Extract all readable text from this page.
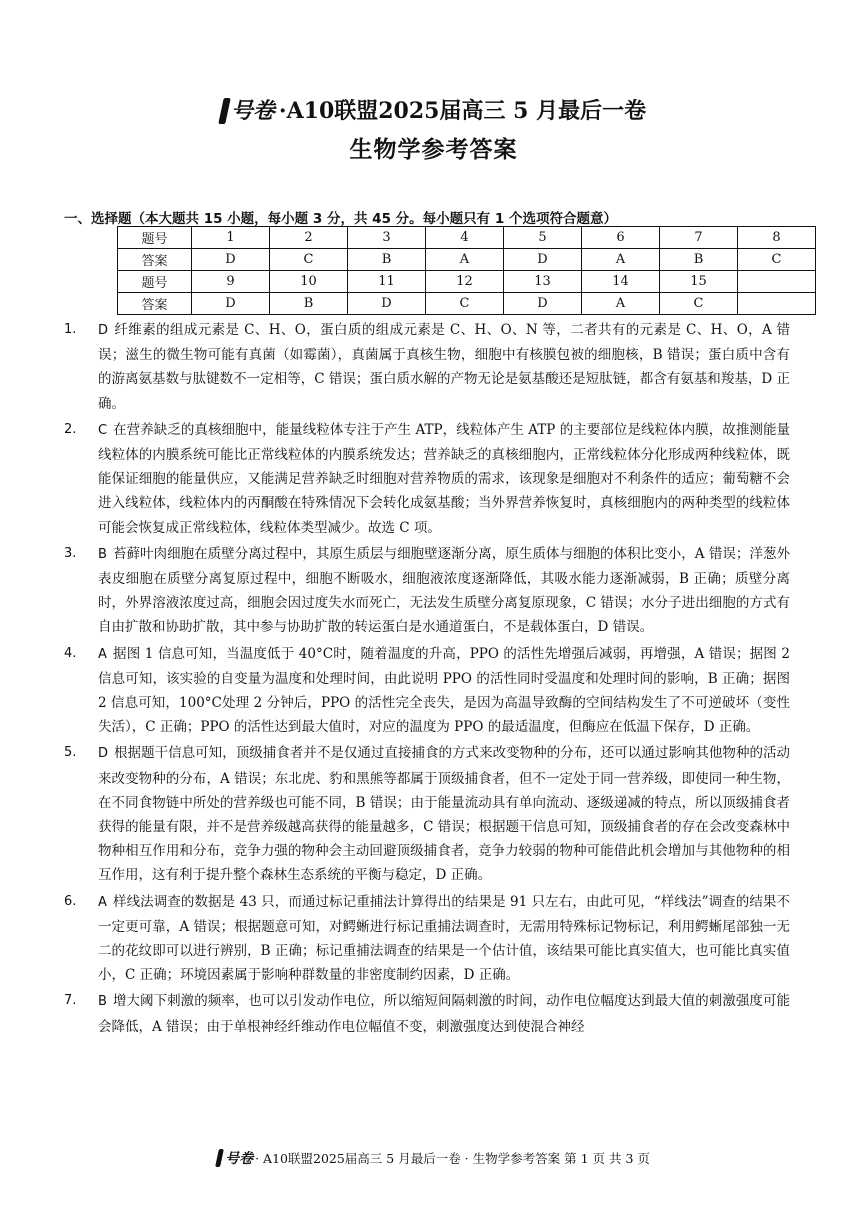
号卷 ·A10联盟2025届高三 5 月最后一卷
生物学参考答案
一、选择题（本大题共 15 小题，每小题 3 分，共 45 分。每小题只有 1 个选项符合题意）
题号	1	2	3	4	5	6	7	8
答案	D	C	B	A	D	A	B	C
题号	9	10	11	12	13	14	15	
答案	D	B	D	C	D	A	C	
1.	D 纤维素的组成元素是 C、H、O，蛋白质的组成元素是 C、H、O、N 等，二者共有的元素是 C、H、O，A 错误；滋生的微生物可能有真菌（如霉菌），真菌属于真核生物，细胞中有核膜包被的细胞核，B 错误；蛋白质中含有的游离氨基数与肽键数不一定相等，C 错误；蛋白质水解的产物无论是氨基酸还是短肽链，都含有氨基和羧基，D 正确。
2.	C 在营养缺乏的真核细胞中，能量线粒体专注于产生 ATP，线粒体产生 ATP 的主要部位是线粒体内膜，故推测能量线粒体的内膜系统可能比正常线粒体的内膜系统发达；营养缺乏的真核细胞内，正常线粒体分化形成两种线粒体，既能保证细胞的能量供应，又能满足营养缺乏时细胞对营养物质的需求，该现象是细胞对不利条件的适应；葡萄糖不会进入线粒体，线粒体内的丙酮酸在特殊情况下会转化成氨基酸；当外界营养恢复时，真核细胞内的两种类型的线粒体可能会恢复成正常线粒体，线粒体类型减少。故选 C 项。
3.	B 苔藓叶肉细胞在质壁分离过程中，其原生质层与细胞壁逐渐分离，原生质体与细胞的体积比变小，A 错误；洋葱外表皮细胞在质壁分离复原过程中，细胞不断吸水，细胞液浓度逐渐降低，其吸水能力逐渐减弱，B 正确；质壁分离时，外界溶液浓度过高，细胞会因过度失水而死亡，无法发生质壁分离复原现象，C 错误；水分子进出细胞的方式有自由扩散和协助扩散，其中参与协助扩散的转运蛋白是水通道蛋白，不是载体蛋白，D 错误。
4.	A 据图 1 信息可知，当温度低于 40°C时，随着温度的升高，PPO 的活性先增强后减弱，再增强，A 错误；据图 2 信息可知，该实验的自变量为温度和处理时间，由此说明 PPO 的活性同时受温度和处理时间的影响，B 正确；据图 2 信息可知，100°C处理 2 分钟后，PPO 的活性完全丧失，是因为高温导致酶的空间结构发生了不可逆破坏（变性失活），C 正确；PPO 的活性达到最大值时，对应的温度为 PPO 的最适温度，但酶应在低温下保存，D 正确。
5.	D 根据题干信息可知，顶级捕食者并不是仅通过直接捕食的方式来改变物种的分布，还可以通过影响其他物种的活动来改变物种的分布，A 错误；东北虎、豹和黑熊等都属于顶级捕食者，但不一定处于同一营养级，即使同一种生物，在不同食物链中所处的营养级也可能不同，B 错误；由于能量流动具有单向流动、逐级递减的特点，所以顶级捕食者获得的能量有限，并不是营养级越高获得的能量越多，C 错误；根据题干信息可知，顶级捕食者的存在会改变森林中物种相互作用和分布，竞争力强的物种会主动回避顶级捕食者，竞争力较弱的物种可能借此机会增加与其他物种的相互作用，这有利于提升整个森林生态系统的平衡与稳定，D 正确。
6.	A 样线法调查的数据是 43 只，而通过标记重捕法计算得出的结果是 91 只左右，由此可见，“样线法”调查的结果不一定更可靠，A 错误；根据题意可知，对鳄蜥进行标记重捕法调查时，无需用特殊标记物标记，利用鳄蜥尾部独一无二的花纹即可以进行辨别，B 正确；标记重捕法调查的结果是一个估计值，该结果可能比真实值大，也可能比真实值小，C 正确；环境因素属于影响种群数量的非密度制约因素，D 正确。
7.	B 增大阈下刺激的频率，也可以引发动作电位，所以缩短间隔刺激的时间，动作电位幅度达到最大值的刺激强度可能会降低，A 错误；由于单根神经纤维动作电位幅值不变，刺激强度达到使混合神经
号卷 · A10联盟2025届高三 5 月最后一卷 · 生物学参考答案 第 1 页 共 3 页
